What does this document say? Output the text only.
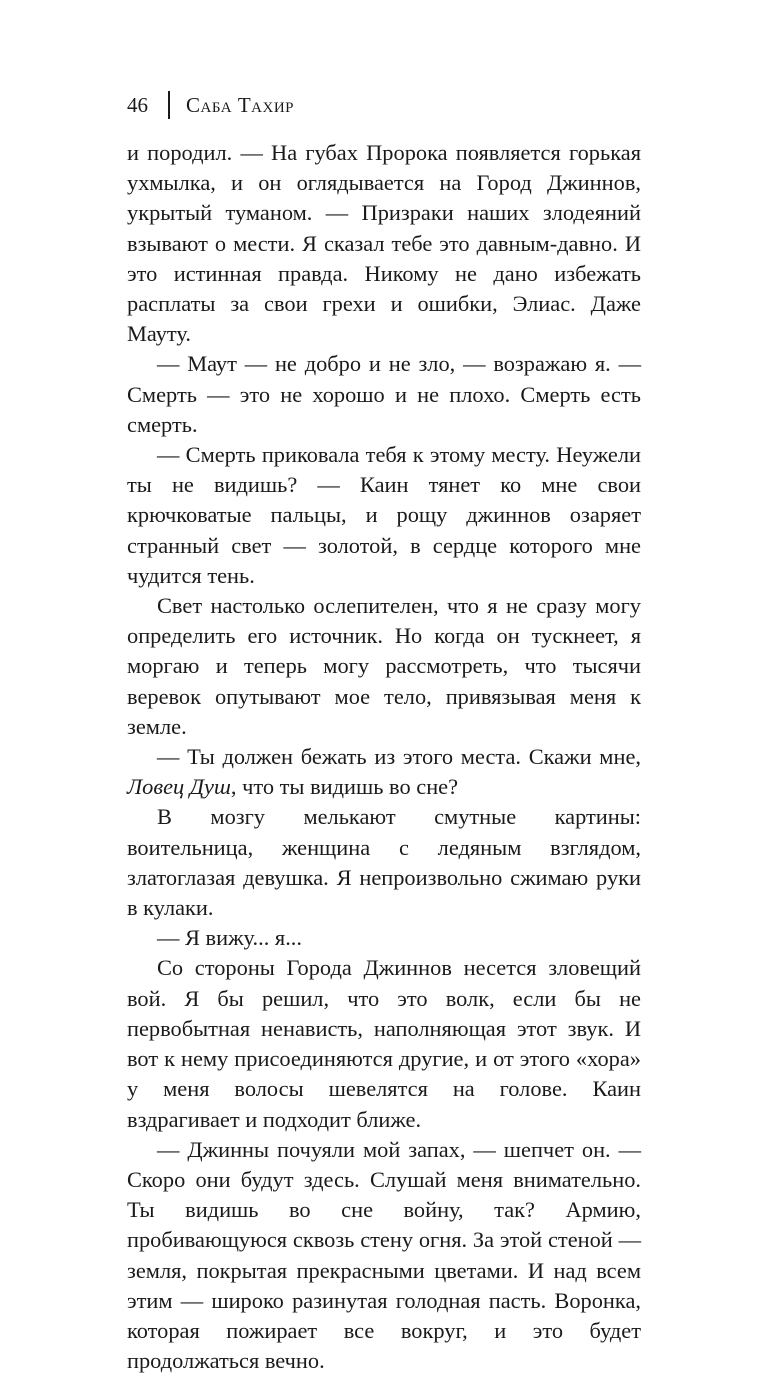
46 Саба Тахир

и породил. — На губах Пророка появляется горькая ухмылка, и он оглядывается на Город Джиннов, укрытый туманом. — Призраки наших злодеяний взывают о мести. Я сказал тебе это давным-давно. И это истинная правда. Никому не дано избежать расплаты за свои грехи и ошибки, Элиас. Даже Мауту.

— Маут — не добро и не зло, — возражаю я. — Смерть — это не хорошо и не плохо. Смерть есть смерть.

— Смерть приковала тебя к этому месту. Неужели ты не видишь? — Каин тянет ко мне свои крючковатые пальцы, и рощу джиннов озаряет странный свет — золотой, в сердце которого мне чудится тень.

Свет настолько ослепителен, что я не сразу могу определить его источник. Но когда он тускнеет, я моргаю и теперь могу рассмотреть, что тысячи веревок опутывают мое тело, привязывая меня к земле.

— Ты должен бежать из этого места. Скажи мне, Ловец Душ, что ты видишь во сне?

В мозгу мелькают смутные картины: воительница, женщина с ледяным взглядом, златоглазая девушка. Я непроизвольно сжимаю руки в кулаки.

— Я вижу... я...

Со стороны Города Джиннов несется зловещий вой. Я бы решил, что это волк, если бы не первобытная ненависть, наполняющая этот звук. И вот к нему присоединяются другие, и от этого «хора» у меня волосы шевелятся на голове. Каин вздрагивает и подходит ближе.

— Джинны почуяли мой запах, — шепчет он. — Скоро они будут здесь. Слушай меня внимательно. Ты видишь во сне войну, так? Армию, пробивающуюся сквозь стену огня. За этой стеной — земля, покрытая прекрасными цветами. И над всем этим — широко разинутая голодная пасть. Воронка, которая пожирает все вокруг, и это будет продолжаться вечно.
